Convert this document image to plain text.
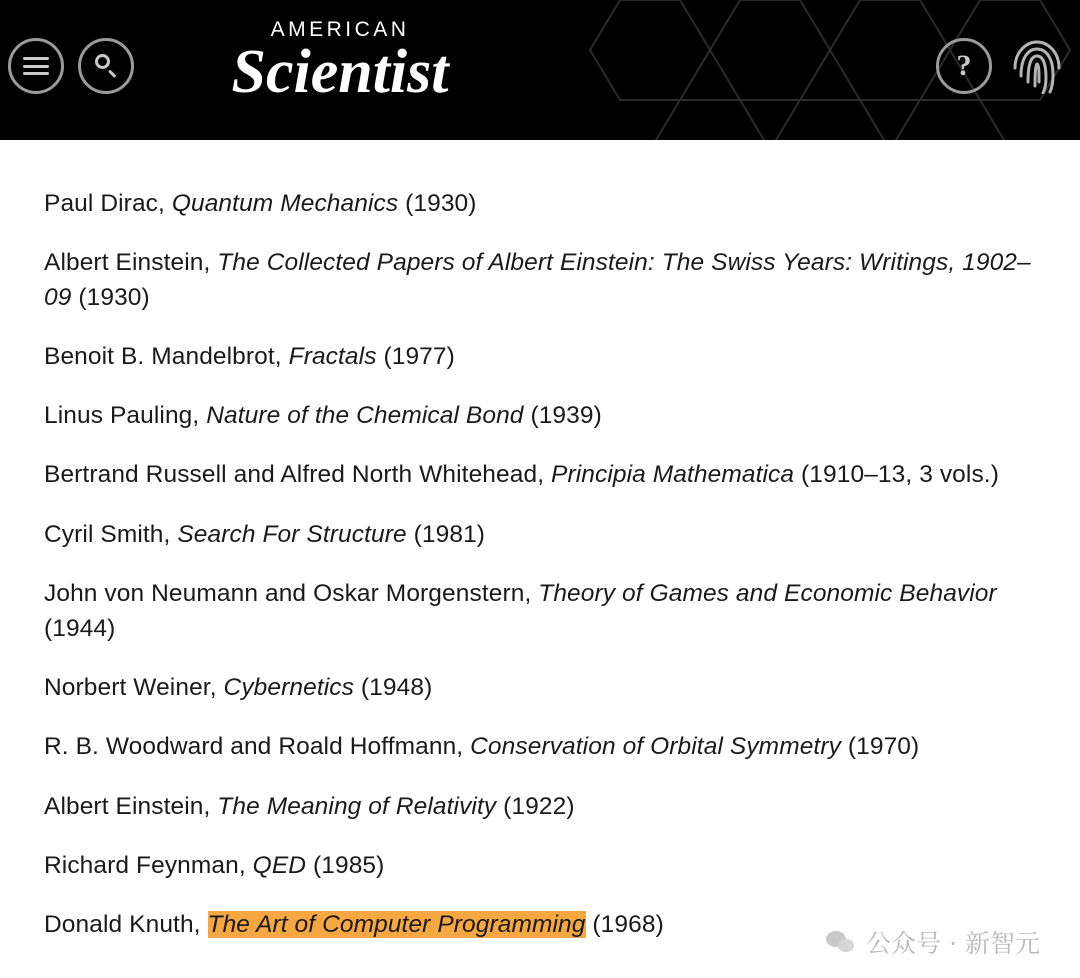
AMERICAN
Scientist	?

Paul Dirac, Quantum Mechanics (1930)

Albert Einstein, The Collected Papers of Albert Einstein: The Swiss Years: Writings, 1902–09 (1930)

Benoit B. Mandelbrot, Fractals (1977)

Linus Pauling, Nature of the Chemical Bond (1939)

Bertrand Russell and Alfred North Whitehead, Principia Mathematica (1910–13, 3 vols.)

Cyril Smith, Search For Structure (1981)

John von Neumann and Oskar Morgenstern, Theory of Games and Economic Behavior (1944)

Norbert Weiner, Cybernetics (1948)

R. B. Woodward and Roald Hoffmann, Conservation of Orbital Symmetry (1970)

Albert Einstein, The Meaning of Relativity (1922)

Richard Feynman, QED (1985)

Donald Knuth, The Art of Computer Programming (1968)

公众号 · 新智元
